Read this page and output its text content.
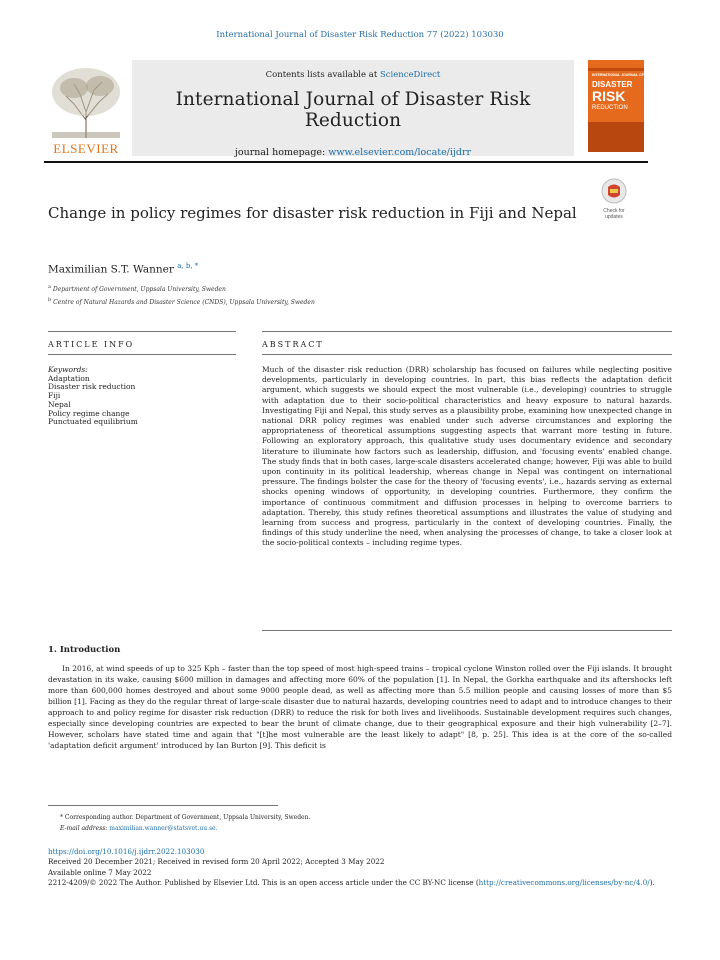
International Journal of Disaster Risk Reduction 77 (2022) 103030
ELSEVIER
Contents lists available at ScienceDirect
International Journal of Disaster Risk Reduction
journal homepage: www.elsevier.com/locate/ijdrr
INTERNATIONAL JOURNAL OF
DISASTER
RISK
REDUCTION
Change in policy regimes for disaster risk reduction in Fiji and Nepal	Check for updates
Maximilian S.T. Wanner $^{a, b, *}$
$^a$ Department of Government, Uppsala University, Sweden
$^b$ Centre of Natural Hazards and Disaster Science (CNDS), Uppsala University, Sweden
ARTICLE INFO	ABSTRACT
Keywords:
Adaptation
Disaster risk reduction
Fiji
Nepal
Policy regime change
Punctuated equilibrium
Much of the disaster risk reduction (DRR) scholarship has focused on failures while neglecting positive developments, particularly in developing countries. In part, this bias reflects the adaptation deficit argument, which suggests we should expect the most vulnerable (i.e., developing) countries to struggle with adaptation due to their socio-political characteristics and heavy exposure to natural hazards. Investigating Fiji and Nepal, this study serves as a plausibility probe, examining how unexpected change in national DRR policy regimes was enabled under such adverse circumstances and exploring the appropriateness of theoretical assumptions suggesting aspects that warrant more testing in future. Following an exploratory approach, this qualitative study uses documentary evidence and secondary literature to illuminate how factors such as leadership, diffusion, and 'focusing events' enabled change. The study finds that in both cases, large-scale disasters accelerated change; however, Fiji was able to build upon continuity in its political leadership, whereas change in Nepal was contingent on international pressure. The findings bolster the case for the theory of 'focusing events', i.e., hazards serving as external shocks opening windows of opportunity, in developing countries. Furthermore, they confirm the importance of continuous commitment and diffusion processes in helping to overcome barriers to adaptation. Thereby, this study refines theoretical assumptions and illustrates the value of studying and learning from success and progress, particularly in the context of developing countries. Finally, the findings of this study underline the need, when analysing the processes of change, to take a closer look at the socio-political contexts – including regime types.
1. Introduction
In 2016, at wind speeds of up to 325 Kph – faster than the top speed of most high-speed trains – tropical cyclone Winston rolled over the Fiji islands. It brought devastation in its wake, causing $600 million in damages and affecting more 60% of the population [1]. In Nepal, the Gorkha earthquake and its aftershocks left more than 600,000 homes destroyed and about some 9000 people dead, as well as affecting more than 5.5 million people and causing losses of more than $5 billion [1]. Facing as they do the regular threat of large-scale disaster due to natural hazards, developing countries need to adapt and to introduce changes to their approach to and policy regime for disaster risk reduction (DRR) to reduce the risk for both lives and livelihoods. Sustainable development requires such changes, especially since developing countries are expected to bear the brunt of climate change, due to their geographical exposure and their high vulnerability [2–7]. However, scholars have stated time and again that "[t]he most vulnerable are the least likely to adapt" [8, p. 25]. This idea is at the core of the so-called 'adaptation deficit argument' introduced by Ian Burton [9]. This deficit is
* Corresponding author. Department of Government, Uppsala University, Sweden.
E-mail address: maximilian.wanner@statsvet.uu.se.
https://doi.org/10.1016/j.ijdrr.2022.103030
Received 20 December 2021; Received in revised form 20 April 2022; Accepted 3 May 2022
Available online 7 May 2022
2212-4209/© 2022 The Author. Published by Elsevier Ltd. This is an open access article under the CC BY-NC license (http://creativecommons.org/licenses/by-nc/4.0/).
